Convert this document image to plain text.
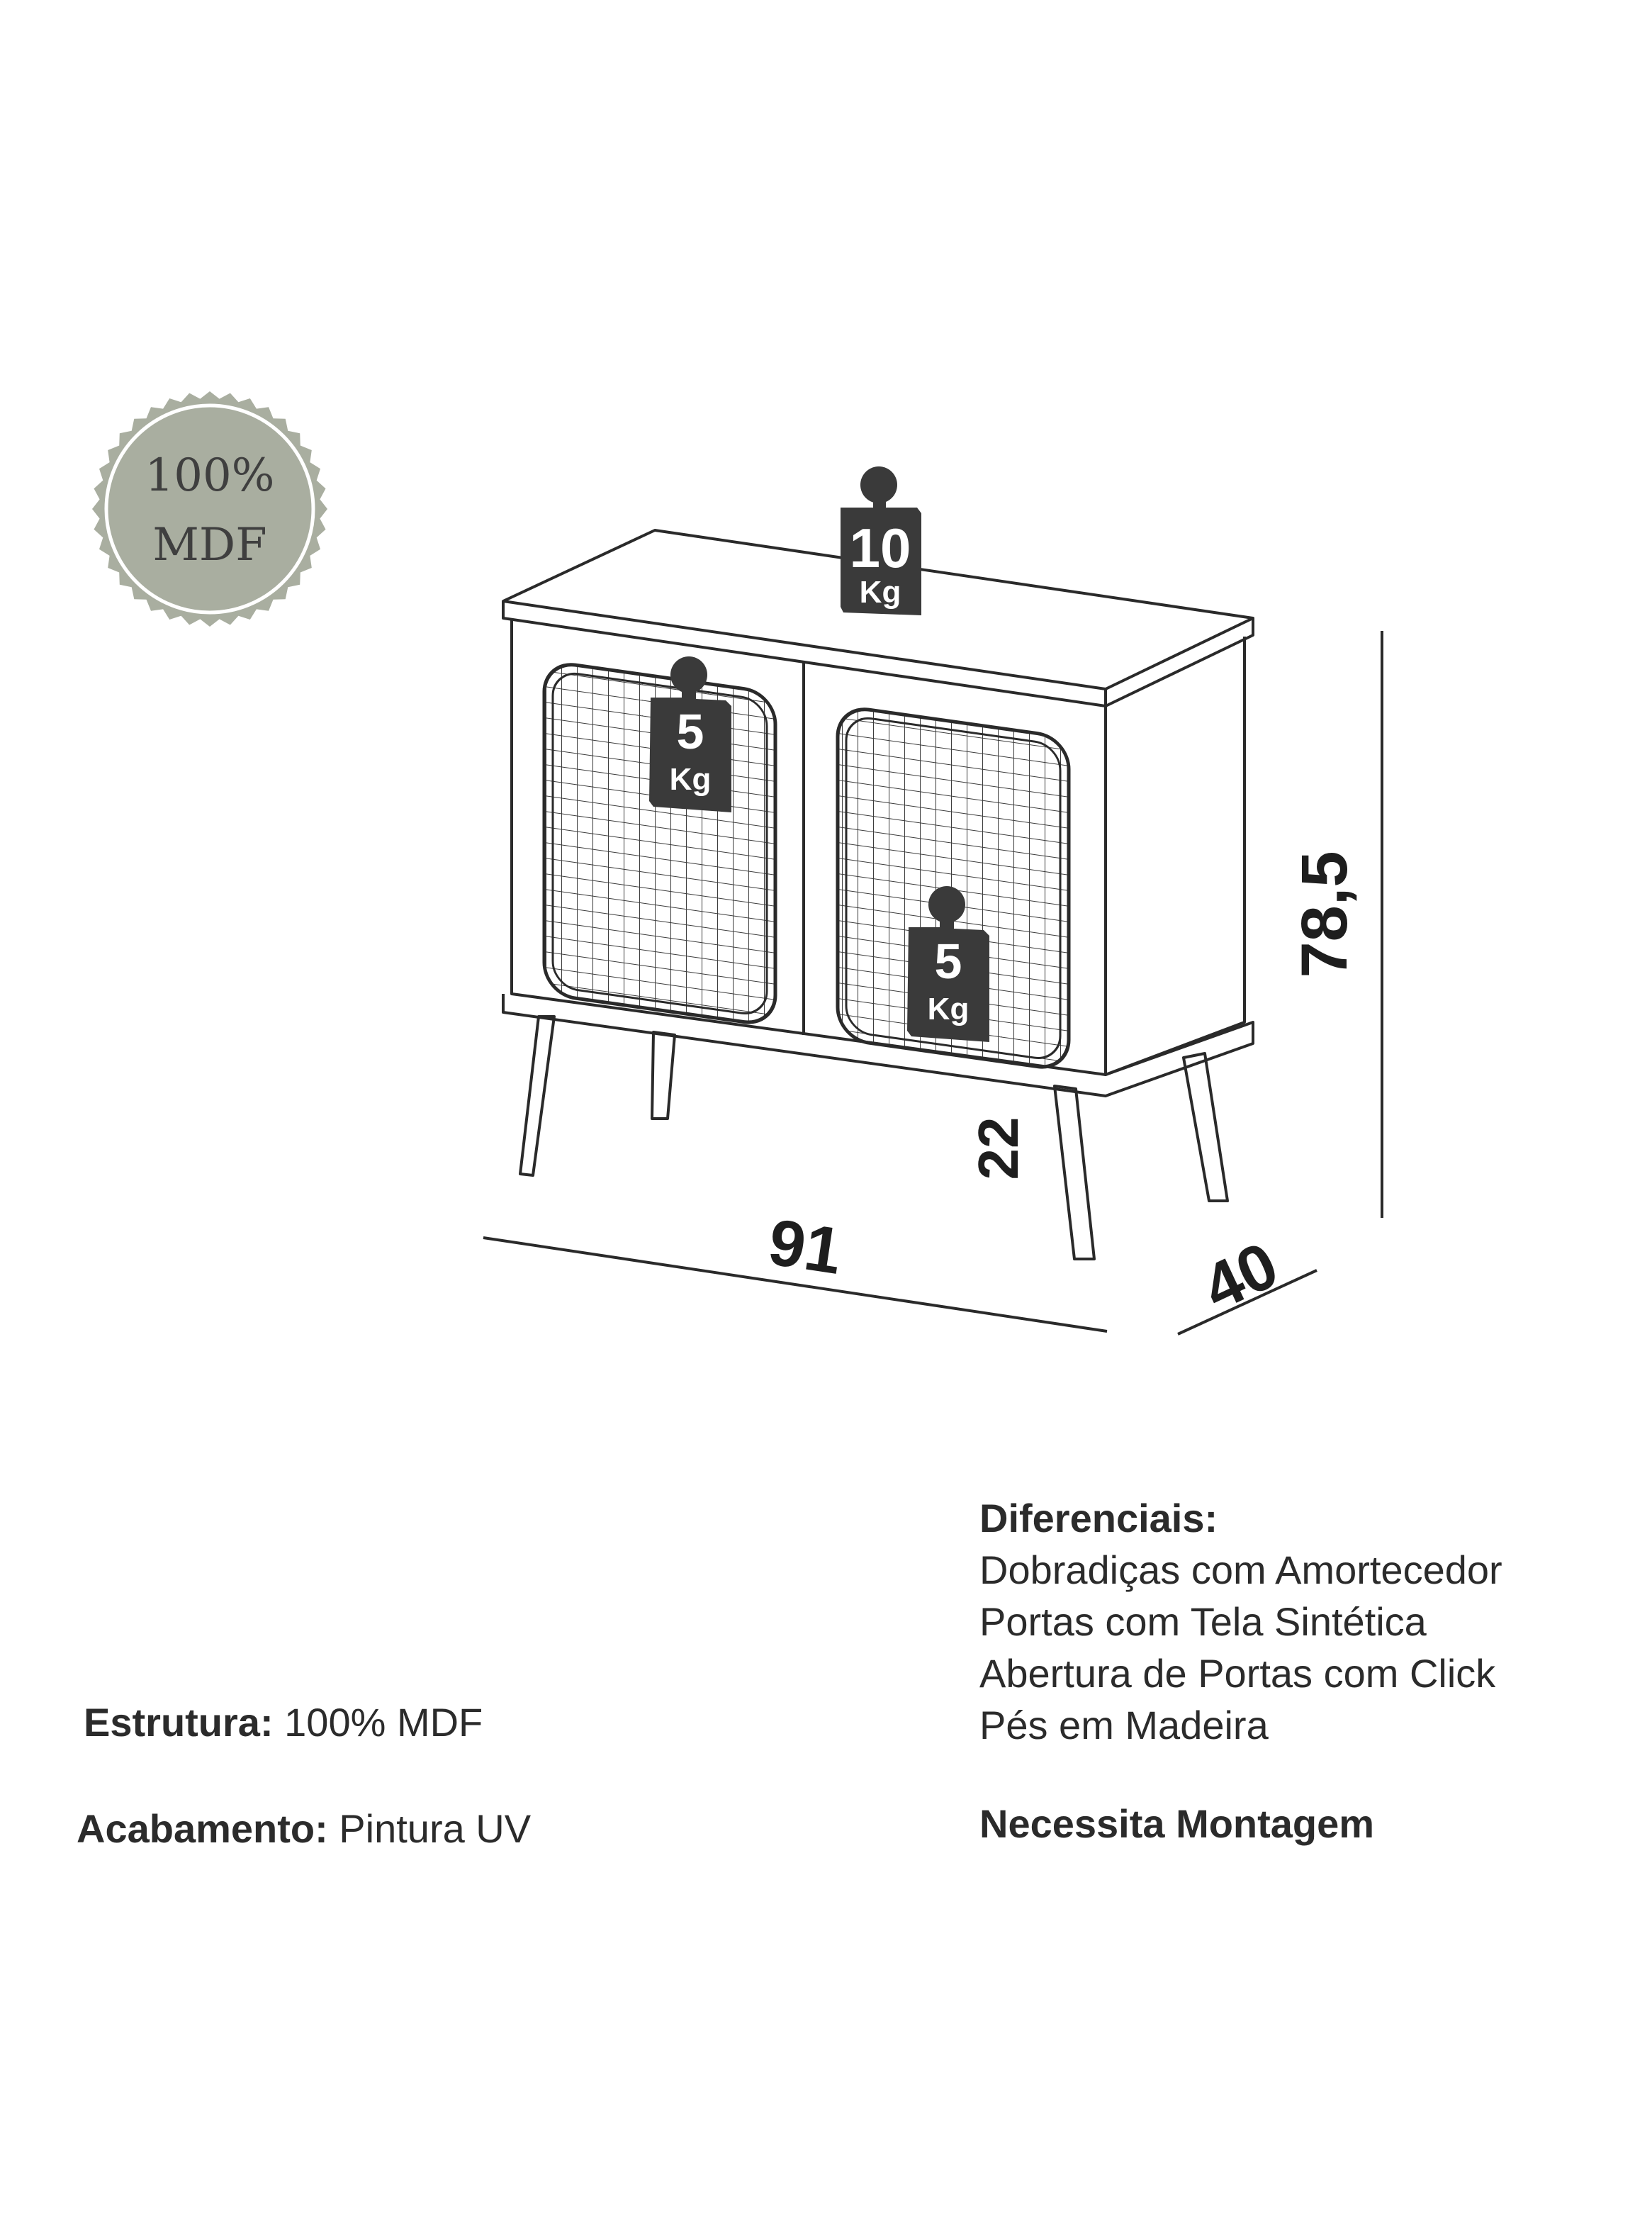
100%
MDF	10
Kg
5
Kg
5
Kg
91	40
78,5
22

Estrutura: 100% MDF

Acabamento: Pintura UV

Diferenciais:
Dobradiças com Amortecedor
Portas com Tela Sintética
Abertura de Portas com Click
Pés em Madeira
Necessita Montagem
